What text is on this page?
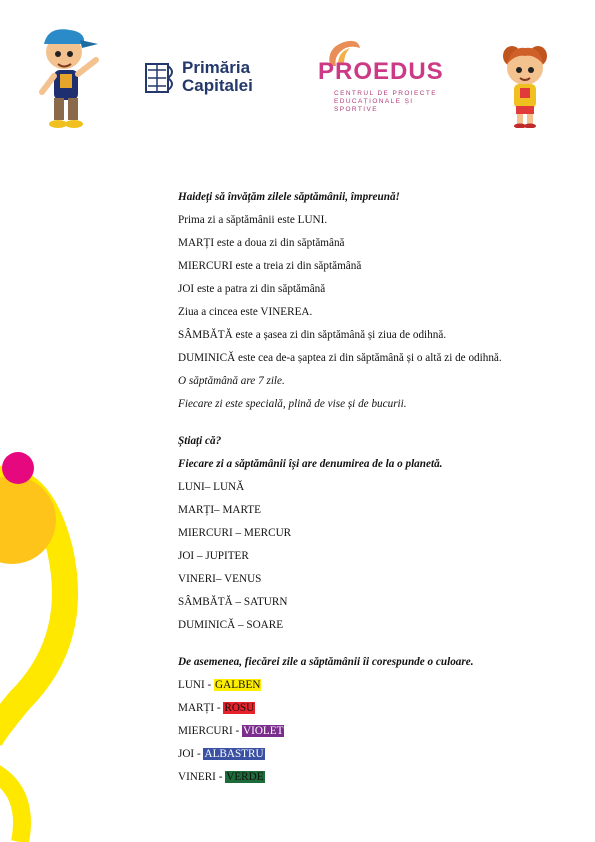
Primăria
Capitalei
PROEDUS
CENTRUL DE PROIECTE
EDUCAȚIONALE ȘI SPORTIVE
Haideți să învățăm zilele săptămânii, împreună!
Prima zi a săptămânii este LUNI.
MARȚI este a doua zi din săptămână
MIERCURI este a treia zi din săptămână
JOI este a patra zi din săptămână
Ziua a cincea este VINEREA.
SÂMBĂTĂ este a șasea zi din săptămână și ziua de odihnă.
DUMINICĂ este cea de-a șaptea zi din săptămână și o altă zi de odihnă.
O săptămână are 7 zile.
Fiecare zi este specială, plină de vise și de bucurii.
Știați că?
Fiecare zi a săptămânii își are denumirea de la o planetă.
LUNI– LUNĂ
MARȚI– MARTE
MIERCURI – MERCUR
JOI – JUPITER
VINERI– VENUS
SÂMBĂTĂ – SATURN
DUMINICĂ – SOARE
De asemenea, fiecărei zile a săptămânii îi corespunde o culoare.
LUNI - GALBEN
MARȚI - ROSU
MIERCURI - VIOLET
JOI - ALBASTRU
VINERI - VERDE
